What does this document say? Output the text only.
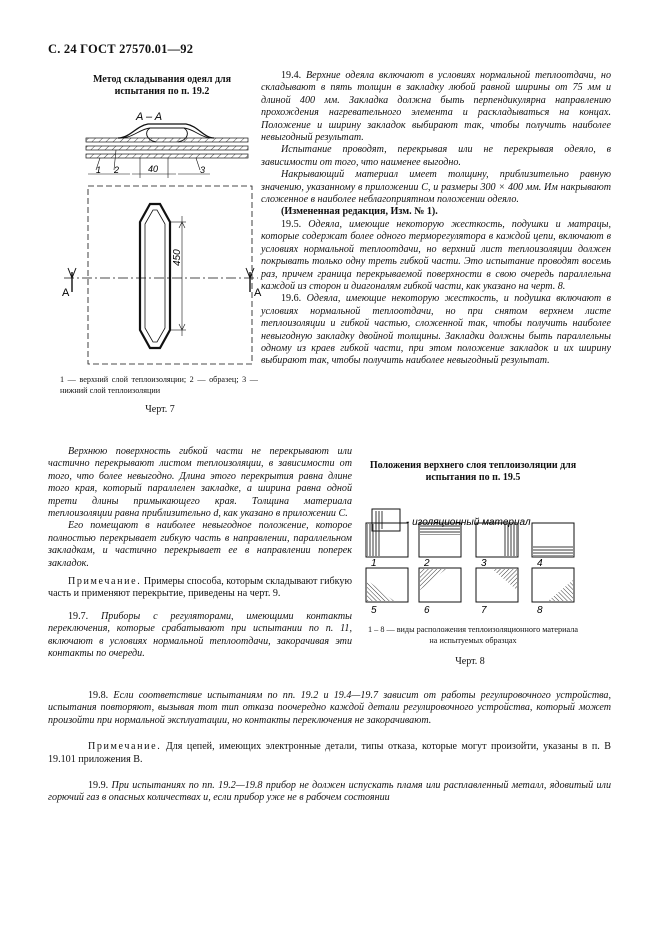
С. 24 ГОСТ 27570.01—92
Метод складывания одеял для испытания по п. 19.2
A – A
1 2	40	3
450
A	A
- изоляционный материал
1	2	3	4
5	6	7	8
1 — верхний слой теплоизоляции; 2 — образец; 3 — нижний слой теплоизоляции
Черт. 7

19.4. Верхние одеяла включают в условиях нормальной теплоотдачи, но складывают в пять толщин в закладку любой равной ширины от 75 мм и длиной 400 мм. Закладка должна быть перпендикулярна направлению прохождения нагревательного элемента и раскладываться на концах. Положение и ширину закладок выбирают так, чтобы получить наиболее невыгодный результат.

Испытание проводят, перекрывая или не перекрывая одеяло, в зависимости от того, что наименее выгодно.

Накрывающий материал имеет толщину, приблизительно равную значению, указанному в приложении С, и размеры 300 × 400 мм. Им накрывают сложенное в наиболее неблагоприятном положении одеяло.

(Измененная редакция, Изм. № 1).

19.5. Одеяла, имеющие некоторую жесткость, подушки и матрацы, которые содержат более одного терморегулятора в каждой цепи, включают в условиях нормальной теплоотдачи, но верхний лист теплоизоляции должен покрывать только одну треть гибкой части. Это испытание проводят восемь раз, причем граница перекрываемой поверхности в свою очередь параллельна каждой из сторон и диагоналям гибкой части, как указано на черт. 8.

19.6. Одеяла, имеющие некоторую жесткость, и подушка включают в условиях нормальной теплоотдачи, но при снятом верхнем листе теплоизоляции и гибкой частью, сложенной так, чтобы получить наиболее невыгодную закладку двойной толщины. Закладки должны быть параллельны одному из краев гибкой части, при этом положение закладок и их ширину выбирают так, чтобы получить наиболее невыгодный результат.

Положения верхнего слоя теплоизоляции для испытания по п. 19.5
1 – 8 — виды расположения теплоизоляционного материала на испытуемых образцах
Черт. 8

Верхнюю поверхность гибкой части не перекрывают или частично перекрывают листом теплоизоляции, в зависимости от того, что более невыгодно. Длина этого перекрытия равна длине того края, который параллелен закладке, а ширина равна одной трети длины примыкающего края. Толщина материала теплоизоляции равна приблизительно d, как указано в приложении С.

Его помещают в наиболее невыгодное положение, которое полностью перекрывает гибкую часть в направлении, параллельном закладкам, и частично перекрывает ее в направлении поперек закладок.

Примечание. Примеры способа, которым складывают гибкую часть и применяют перекрытие, приведены на черт. 9.

19.7. Приборы с регуляторами, имеющими контакты переключения, которые срабатывают при испытании по п. 11, включают в условиях нормальной теплоотдачи, закорачивая эти контакты по очереди.

19.8. Если соответствие испытаниям по пп. 19.2 и 19.4—19.7 зависит от работы регулировочного устройства, испытания повторяют, вызывая тот тип отказа поочередно каждой детали регулировочного устройства, который может произойти при нормальной эксплуатации, но контакты переключения не закорачивают.

Примечание. Для цепей, имеющих электронные детали, типы отказа, которые могут произойти, указаны в п. В 19.101 приложения В.

19.9. При испытаниях по пп. 19.2—19.8 прибор не должен испускать пламя или расплавленный металл, ядовитый или горючий газ в опасных количествах и, если прибор уже не в рабочем состоянии
